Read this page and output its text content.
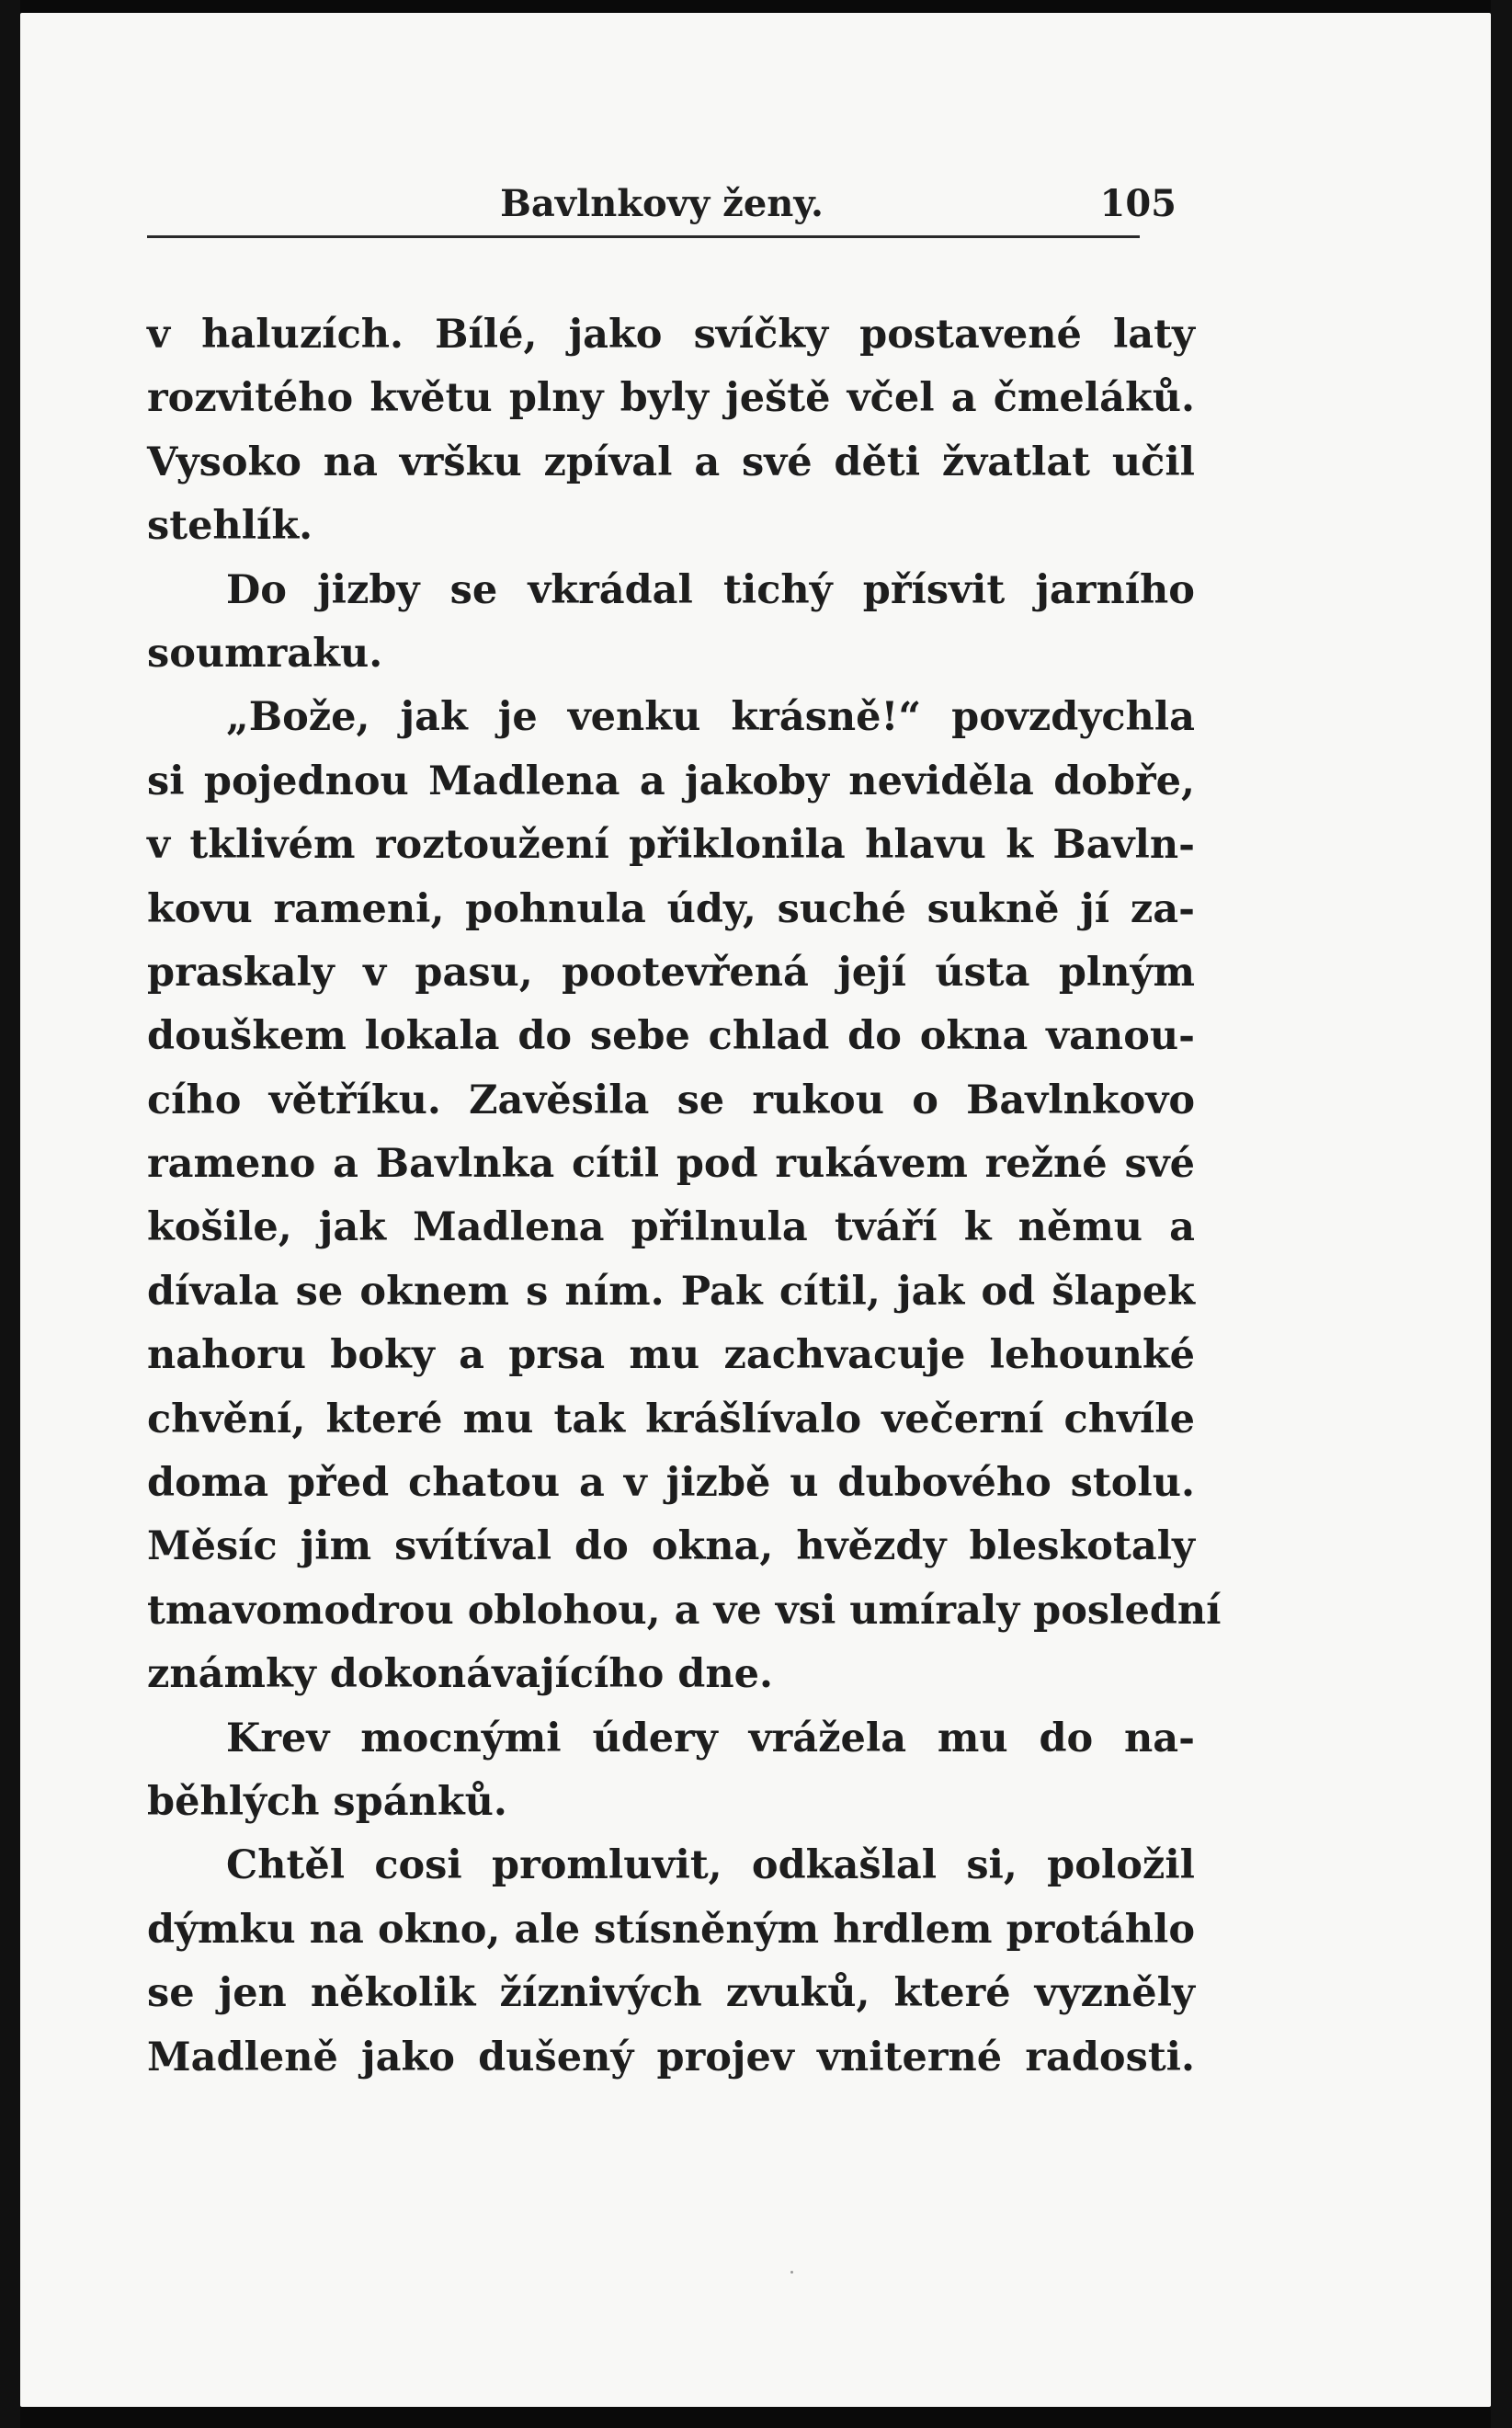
Bavlnkovy ženy.	105
v haluzích. Bílé, jako svíčky postavené laty
rozvitého květu plny byly ještě včel a čmeláků.
Vysoko na vršku zpíval a své děti žvatlat učil
stehlík.
Do jizby se vkrádal tichý přísvit jarního
soumraku.
„Bože, jak je venku krásně!“ povzdychla
si pojednou Madlena a jakoby neviděla dobře,
v tklivém roztoužení přiklonila hlavu k Bavln-
kovu rameni, pohnula údy, suché sukně jí za-
praskaly v pasu, pootevřená její ústa plným
douškem lokala do sebe chlad do okna vanou-
cího větříku. Zavěsila se rukou o Bavlnkovo
rameno a Bavlnka cítil pod rukávem režné své
košile, jak Madlena přilnula tváří k němu a
dívala se oknem s ním. Pak cítil, jak od šlapek
nahoru boky a prsa mu zachvacuje lehounké
chvění, které mu tak krášlívalo večerní chvíle
doma před chatou a v jizbě u dubového stolu.
Měsíc jim svítíval do okna, hvězdy bleskotaly
tmavomodrou oblohou, a ve vsi umíraly poslední
známky dokonávajícího dne.
Krev mocnými údery vrážela mu do na-
běhlých spánků.
Chtěl cosi promluvit, odkašlal si, položil
dýmku na okno, ale stísněným hrdlem protáhlo
se jen několik žíznivých zvuků, které vyzněly
Madleně jako dušený projev vniterné radosti.
